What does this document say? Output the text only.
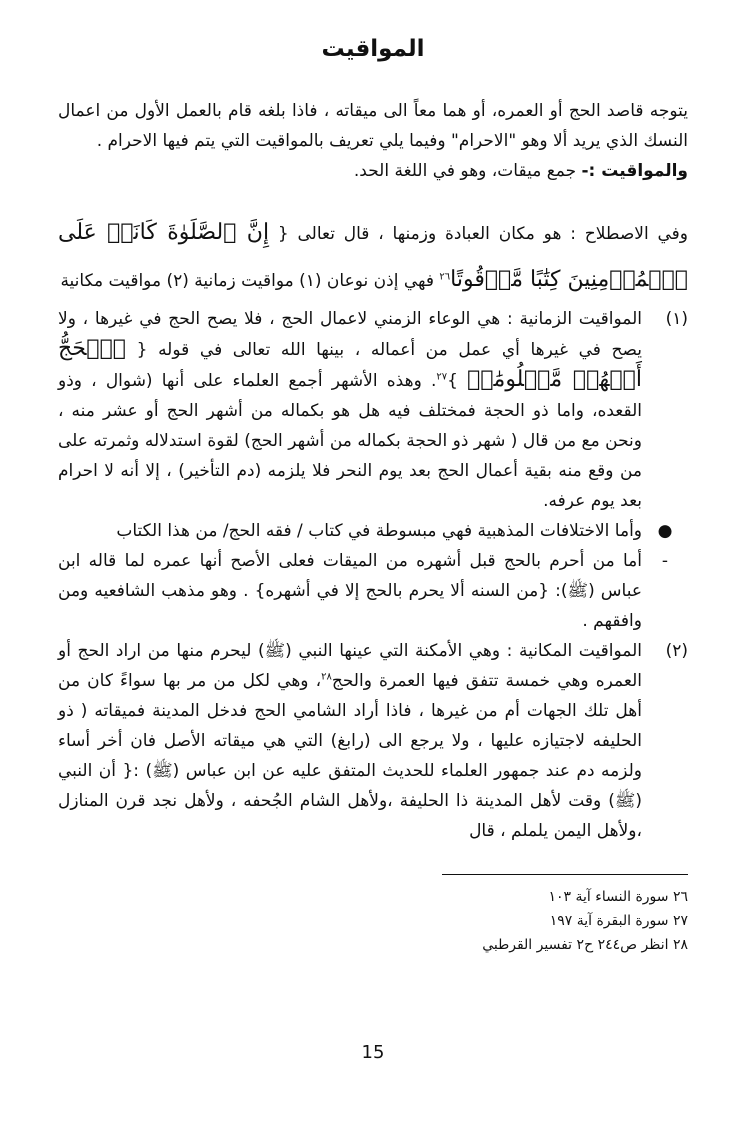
المواقيت

يتوجه قاصد الحج أو العمره، أو هما معاً الى ميقاته ، فاذا بلغه قام بالعمل الأول من اعمال النسك الذي يريد ألا وهو "الاحرام" وفيما يلي تعريف بالمواقيت التي يتم فيها الاحرام .

والمواقيت :- جمع ميقات، وهو في اللغة الحد.

وفي الاصطلاح : هو مكان العبادة وزمنها ، قال تعالى { إِنَّ ٱلصَّلَوٰةَ كَانَتۡ عَلَى ٱلۡمُؤۡمِنِينَ كِتَٰبًا مَّوۡقُوتًا$^{٢٦}$ فهي إذن نوعان (١) مواقيت زمانية (٢) مواقيت مكانية

(١)
المواقيت الزمانية : هي الوعاء الزمني لاعمال الحج ، فلا يصح الحج في غيرها ، ولا يصح في غيرها أي عمل من أعماله ، بينها الله تعالى في قوله { ٱلۡحَجُّ أَشۡهُرٞ مَّعۡلُومَٰتٞ }$^{٢٧}$. وهذه الأشهر أجمع العلماء على أنها (شوال ، وذو القعده، واما ذو الحجة فمختلف فيه هل هو بكماله من أشهر الحج أو عشر منه ، ونحن مع من قال ( شهر ذو الحجة بكماله من أشهر الحج) لقوة استدلاله وثمرته على من وقع منه بقية أعمال الحج بعد يوم النحر فلا يلزمه (دم التأخير) ، إلا أنه لا احرام بعد يوم عرفه.
●
وأما الاختلافات المذهبية فهي مبسوطة في كتاب / فقه الحج/ من هذا الكتاب
-
أما من أحرم بالحج قبل أشهره من الميقات فعلى الأصح أنها عمره لما قاله ابن عباس (ﷺ): {من السنه ألا يحرم بالحج إلا في أشهره} . وهو مذهب الشافعيه ومن وافقهم .
(٢)
المواقيت المكانية : وهي الأمكنة التي عينها النبي (ﷺ) ليحرم منها من اراد الحج أو العمره وهي خمسة تتفق فيها العمرة والحج$^{٢٨}$، وهي لكل من مر بها سواءً كان من أهل تلك الجهات أم من غيرها ، فاذا أراد الشامي الحج فدخل المدينة فميقاته ( ذو الحليفه لاجتيازه عليها ، ولا يرجع الى (رابغ) التي هي ميقاته الأصل فان أخر أساء ولزمه دم عند جمهور العلماء للحديث المتفق عليه عن ابن عباس (ﷺ) :{ أن النبي (ﷺ) وقت لأهل المدينة ذا الحليفة ،ولأهل الشام الجُحفه ، ولأهل نجد قرن المنازل ،ولأهل اليمن يلملم ، قال
٢٦ سورة النساء آية ١٠٣
٢٧ سورة البقرة آية ١٩٧
٢٨ انظر ص٢٤٤ ح٢ تفسير القرطبي
15
